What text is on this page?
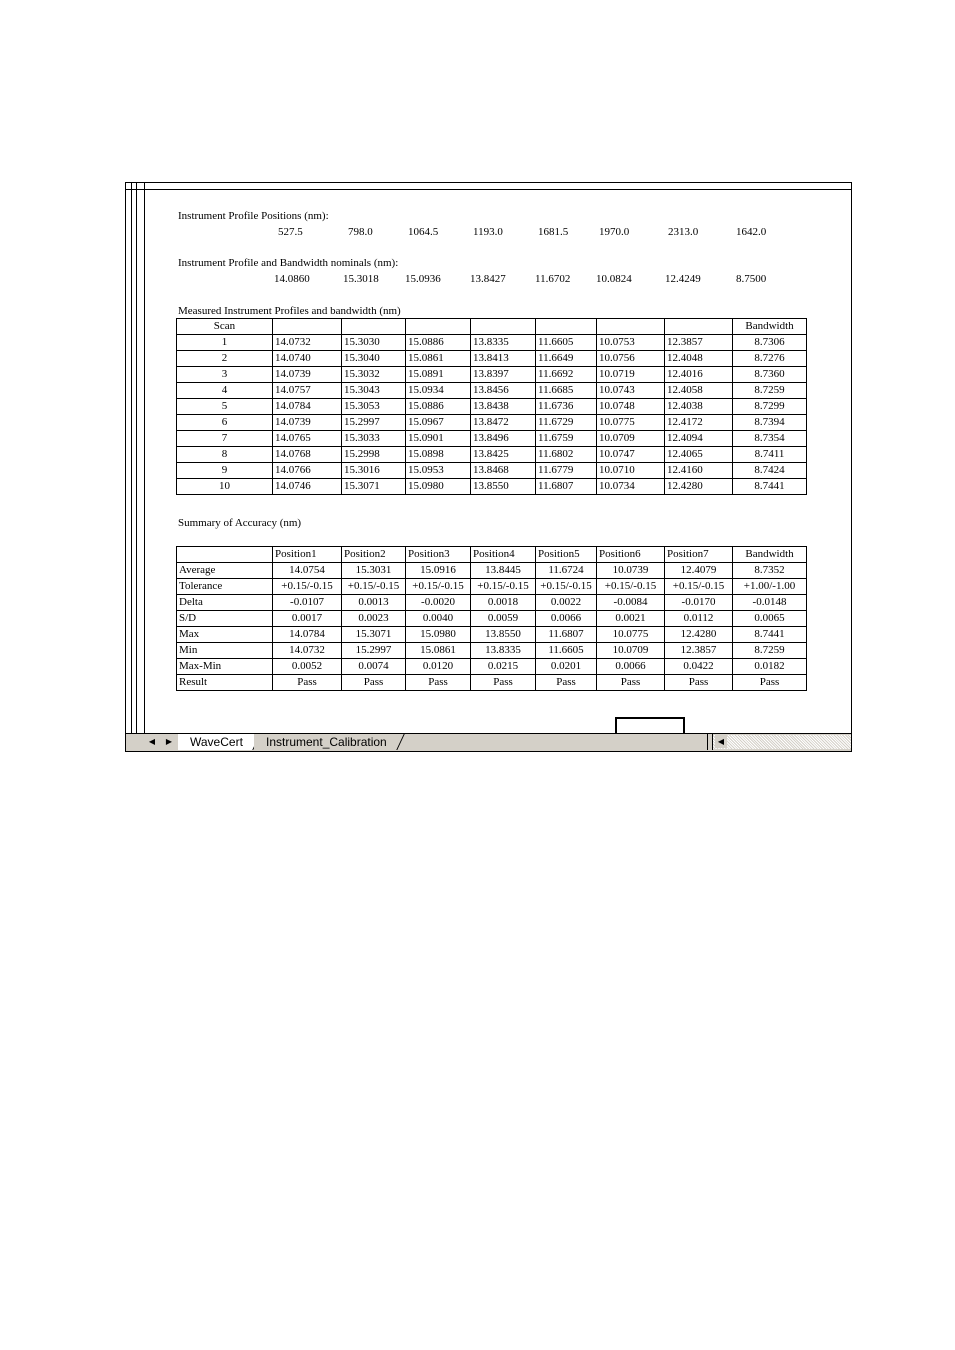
Instrument Profile Positions (nm):
527.5	798.0	1064.5	1193.0	1681.5	1970.0	2313.0	1642.0
Instrument Profile and Bandwidth nominals (nm):
14.0860	15.3018 15.0936	13.8427	11.6702 10.0824	12.4249	8.7500
Measured Instrument Profiles and bandwidth (nm)
Scan								Bandwidth
1	14.0732	15.3030	15.0886	13.8335	11.6605	10.0753	12.3857	8.7306
2	14.0740	15.3040	15.0861	13.8413	11.6649	10.0756	12.4048	8.7276
3	14.0739	15.3032	15.0891	13.8397	11.6692	10.0719	12.4016	8.7360
4	14.0757	15.3043	15.0934	13.8456	11.6685	10.0743	12.4058	8.7259
5	14.0784	15.3053	15.0886	13.8438	11.6736	10.0748	12.4038	8.7299
6	14.0739	15.2997	15.0967	13.8472	11.6729	10.0775	12.4172	8.7394
7	14.0765	15.3033	15.0901	13.8496	11.6759	10.0709	12.4094	8.7354
8	14.0768	15.2998	15.0898	13.8425	11.6802	10.0747	12.4065	8.7411
9	14.0766	15.3016	15.0953	13.8468	11.6779	10.0710	12.4160	8.7424
10	14.0746	15.3071	15.0980	13.8550	11.6807	10.0734	12.4280	8.7441
Summary of Accuracy (nm)
	Position1	Position2	Position3	Position4	Position5	Position6	Position7	Bandwidth
Average	14.0754	15.3031	15.0916	13.8445	11.6724	10.0739	12.4079	8.7352
Tolerance	+0.15/-0.15	+0.15/-0.15	+0.15/-0.15	+0.15/-0.15	+0.15/-0.15	+0.15/-0.15	+0.15/-0.15	+1.00/-1.00
Delta	-0.0107	0.0013	-0.0020	0.0018	0.0022	-0.0084	-0.0170	-0.0148
S/D	0.0017	0.0023	0.0040	0.0059	0.0066	0.0021	0.0112	0.0065
Max	14.0784	15.3071	15.0980	13.8550	11.6807	10.0775	12.4280	8.7441
Min	14.0732	15.2997	15.0861	13.8335	11.6605	10.0709	12.3857	8.7259
Max-Min	0.0052	0.0074	0.0120	0.0215	0.0201	0.0066	0.0422	0.0182
Result	Pass	Pass	Pass	Pass	Pass	Pass	Pass	Pass
◀	▶	WaveCert	Instrument_Calibration	◀
